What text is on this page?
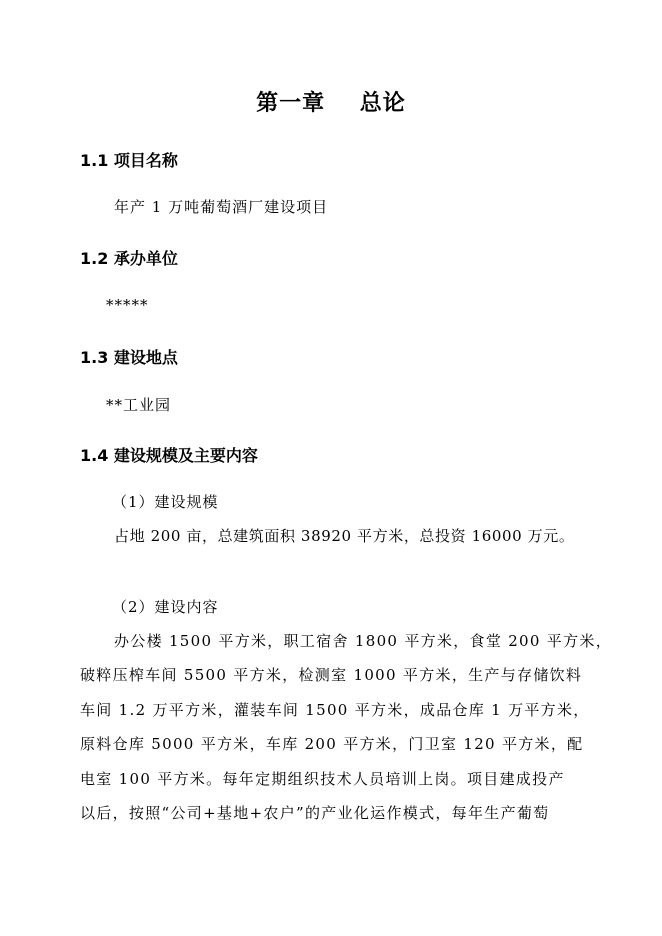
第一章    总论
1.1 项目名称
年产 1 万吨葡萄酒厂建设项目
1.2 承办单位
*****
1.3 建设地点
**工业园
1.4 建设规模及主要内容
（1）建设规模
占地 200 亩，总建筑面积 38920 平方米，总投资 16000 万元。
（2）建设内容
办公楼 1500 平方米，职工宿舍 1800 平方米，食堂 200 平方米，
破粹压榨车间 5500 平方米，检测室 1000 平方米，生产与存储饮料
车间 1.2 万平方米，灌装车间 1500 平方米，成品仓库 1 万平方米，
原料仓库 5000 平方米，车库 200 平方米，门卫室 120 平方米，配
电室 100 平方米。每年定期组织技术人员培训上岗。项目建成投产
以后，按照“公司+基地+农户”的产业化运作模式，每年生产葡萄
